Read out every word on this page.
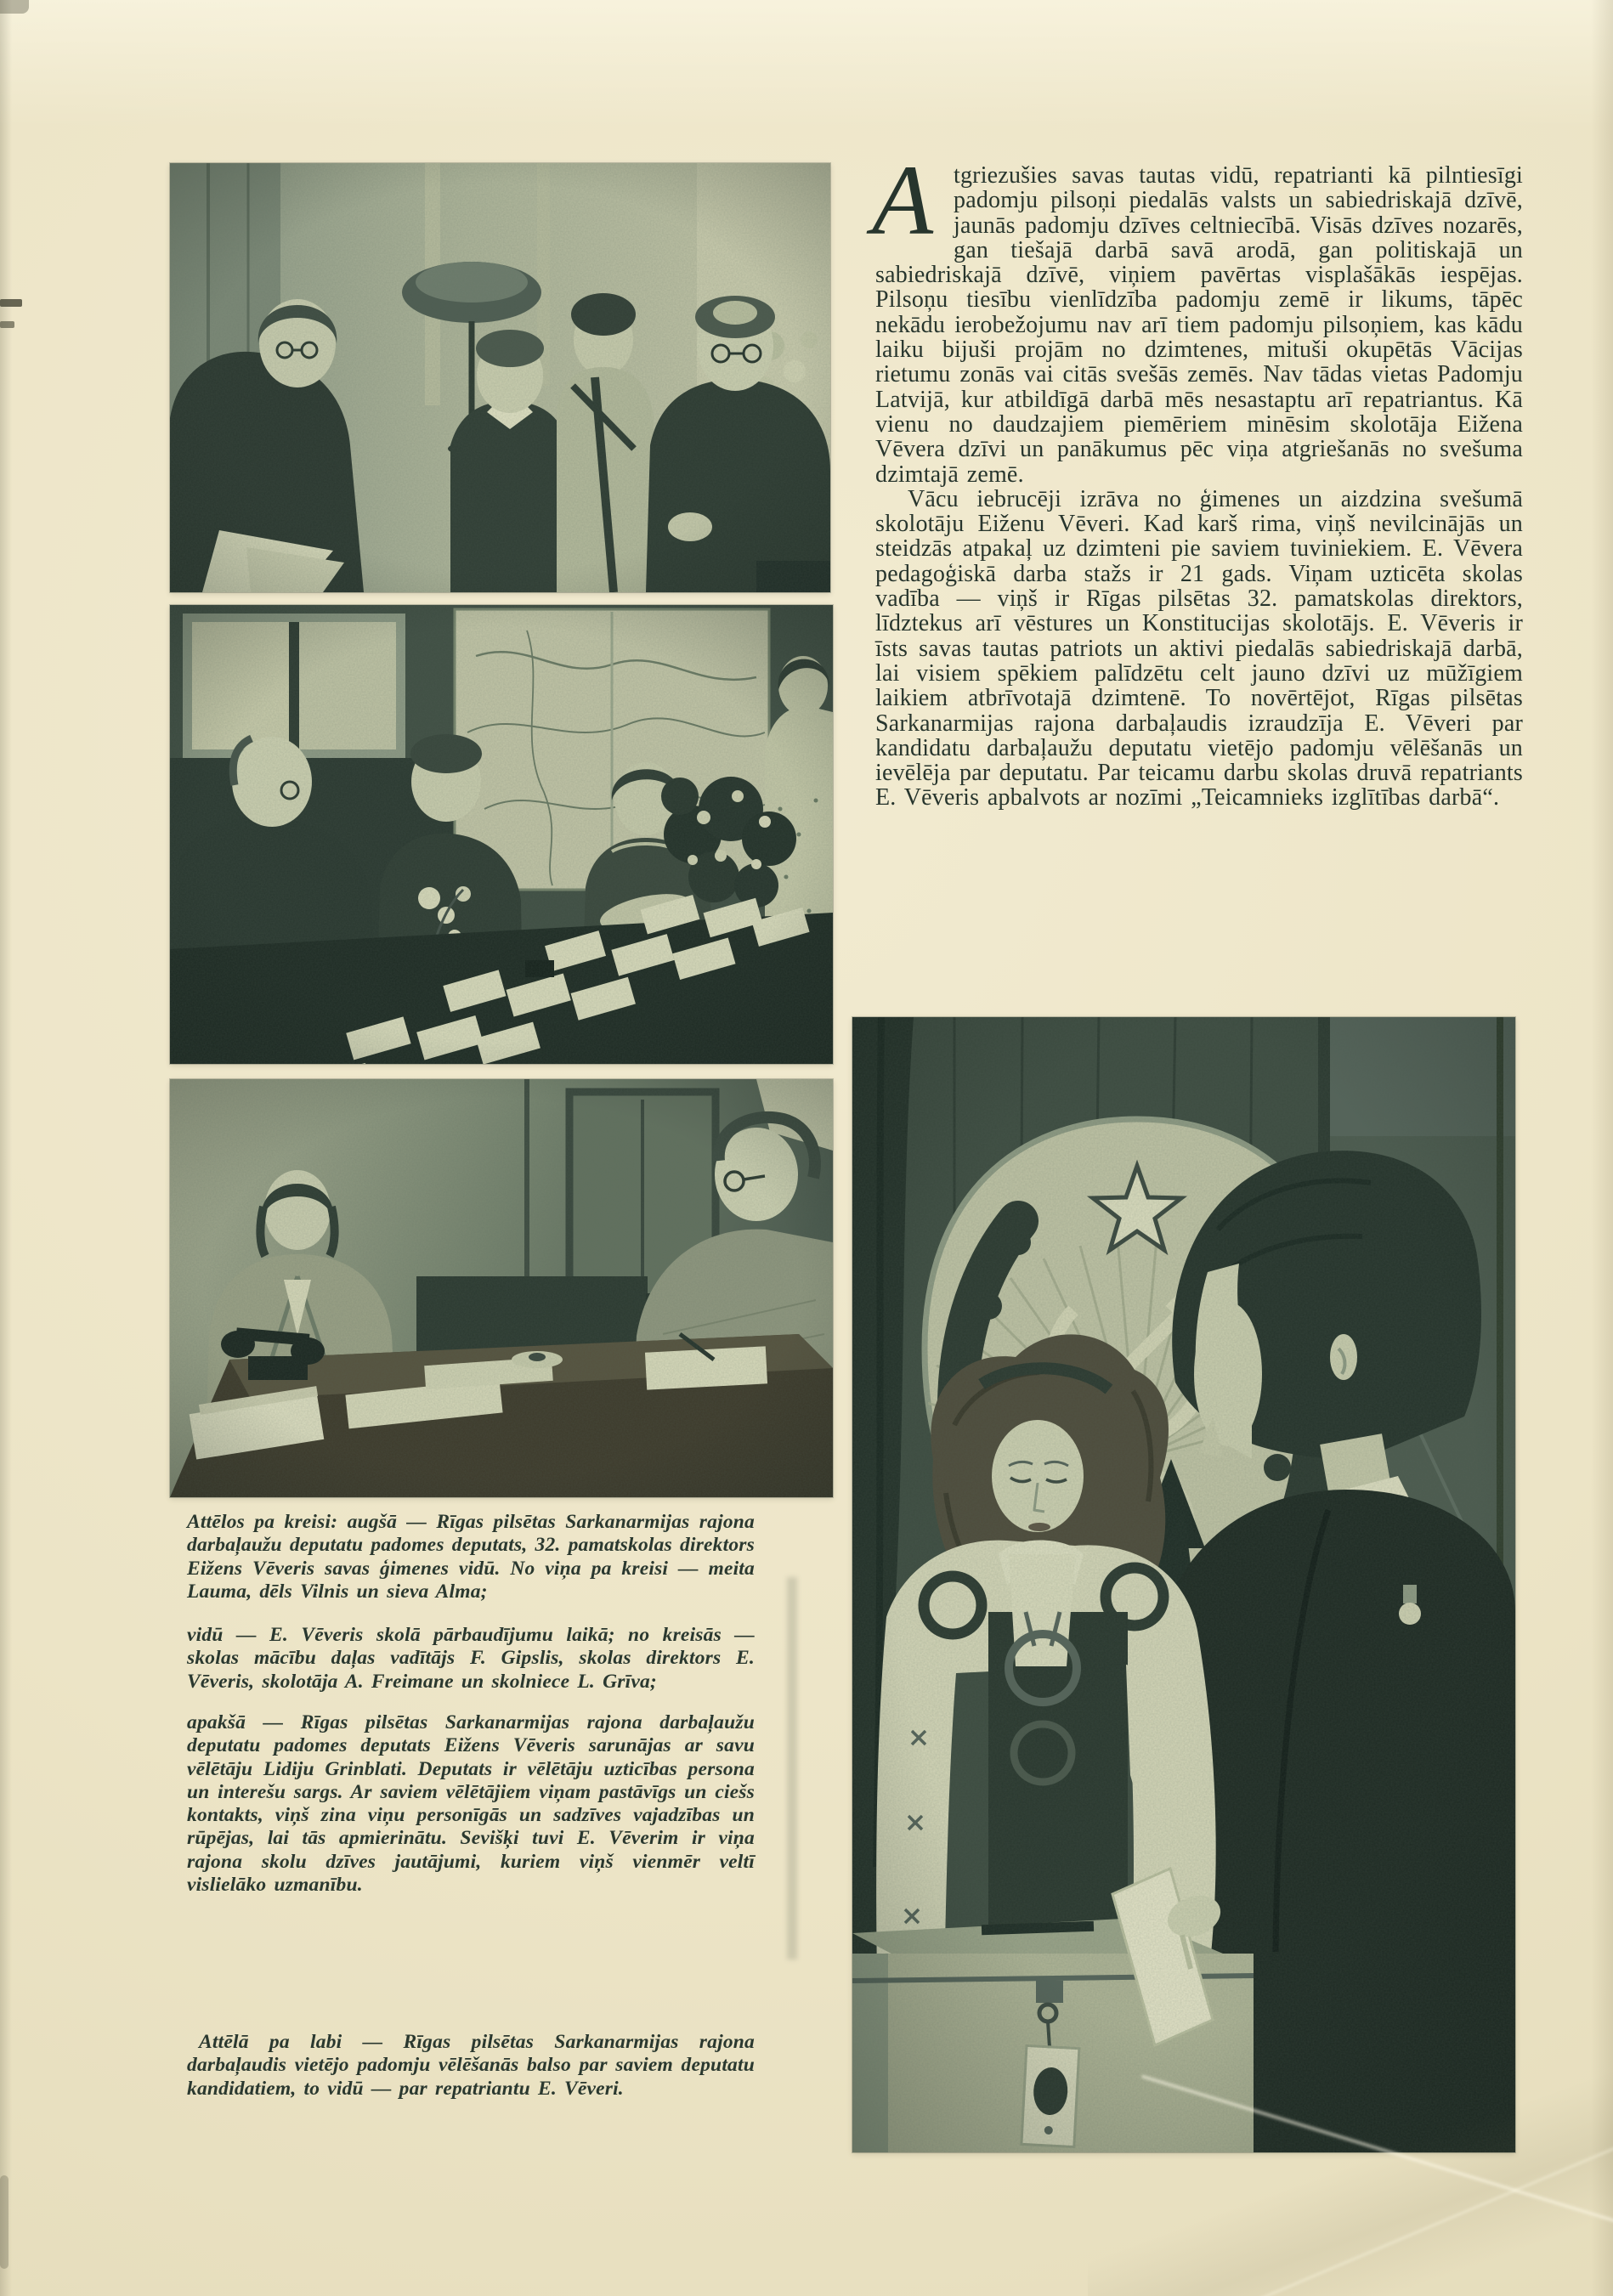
Atgriezušies savas tautas vidū, repatrianti kā pilntiesīgi padomju pilsoņi piedalās valsts un sabiedriskajā dzīvē, jaunās padomju dzīves celtniecībā. Visās dzīves nozarēs, gan tiešajā darbā savā arodā, gan politiskajā un sabiedriskajā dzīvē, viņiem pavērtas visplašākās iespējas. Pilsoņu tiesību vienlīdzība padomju zemē ir likums, tāpēc nekādu ierobežojumu nav arī tiem padomju pilsoņiem, kas kādu laiku bijuši projām no dzimtenes, mituši okupētās Vācijas rietumu zonās vai citās svešās zemēs. Nav tādas vietas Padomju Latvijā, kur atbildīgā darbā mēs nesastaptu arī repatriantus. Kā vienu no daudzajiem piemēriem minēsim skolotāja Eižena Vēvera dzīvi un panākumus pēc viņa atgriešanās no svešuma dzimtajā zemē.

Vācu iebrucēji izrāva no ģimenes un aizdzina svešumā skolotāju Eiženu Vēveri. Kad karš rima, viņš nevilcinājās un steidzās atpakaļ uz dzimteni pie saviem tuviniekiem. E. Vēvera pedagoģiskā darba stažs ir 21 gads. Viņam uzticēta skolas vadība — viņš ir Rīgas pilsētas 32. pamatskolas direktors, līdztekus arī vēstures un Konstitucijas skolotājs. E. Vēveris ir īsts savas tautas patriots un aktivi piedalās sabiedriskajā darbā, lai visiem spēkiem palīdzētu celt jauno dzīvi uz mūžīgiem laikiem atbrīvotajā dzimtenē. To novērtējot, Rīgas pilsētas Sarkanarmijas rajona darbaļaudis izraudzīja E. Vēveri par kandidatu darbaļaužu deputatu vietējo padomju vēlēšanās un ievēlēja par deputatu. Par teicamu darbu skolas druvā repatriants E. Vēveris apbalvots ar nozīmi „Teicamnieks izglītības darbā“.

Attēlos pa kreisi: augšā — Rīgas pilsētas Sarkanarmijas rajona darbaļaužu deputatu padomes deputats, 32. pamatskolas direktors Eižens Vēveris savas ģimenes vidū. No viņa pa kreisi — meita Lauma, dēls Vilnis un sieva Alma;

vidū — E. Vēveris skolā pārbaudījumu laikā; no kreisās — skolas mācību daļas vadītājs F. Gipslis, skolas direktors E. Vēveris, skolotāja A. Freimane un skolniece L. Grīva;

apakšā — Rīgas pilsētas Sarkanarmijas rajona darbaļaužu deputatu padomes deputats Eižens Vēveris sarunājas ar savu vēlētāju Lidiju Grinblati. Deputats ir vēlētāju uzticības persona un interešu sargs. Ar saviem vēlētājiem viņam pastāvīgs un ciešs kontakts, viņš zina viņu personīgās un sadzīves vajadzības un rūpējas, lai tās apmierinātu. Sevišķi tuvi E. Vēverim ir viņa rajona skolu dzīves jautājumi, kuriem viņš vienmēr veltī vislielāko uzmanību.

Attēlā pa labi — Rīgas pilsētas Sarkanarmijas rajona darbaļaudis vietējo padomju vēlēšanās balso par saviem deputatu kandidatiem, to vidū — par repatriantu E. Vēveri.
